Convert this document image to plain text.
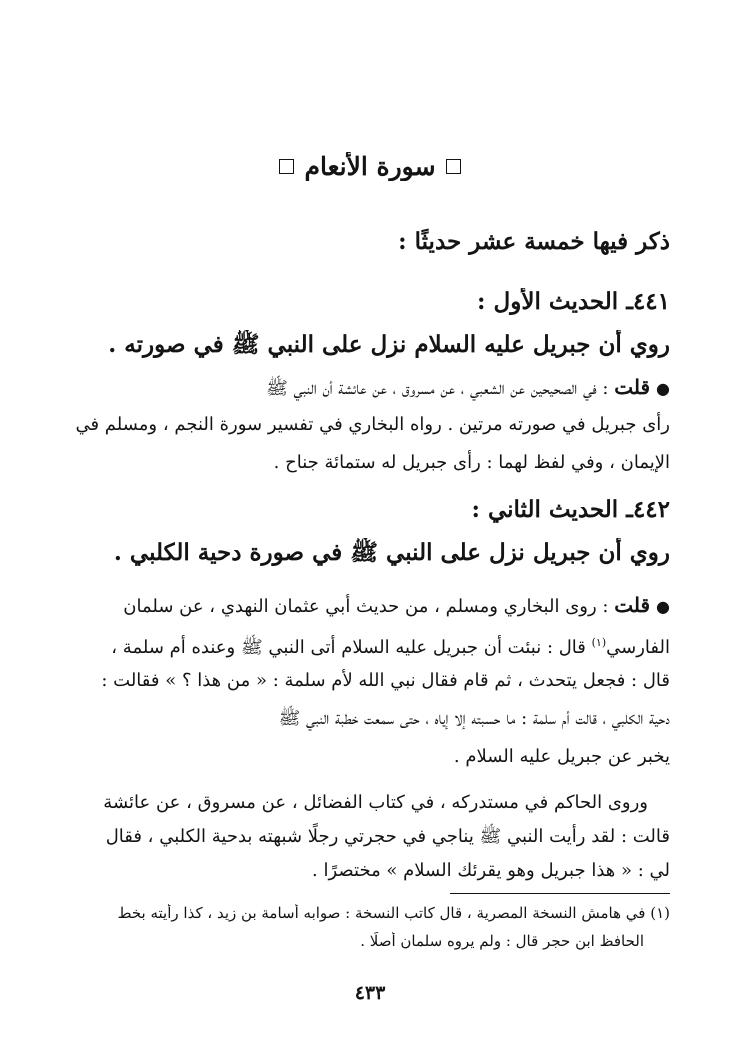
سورة الأنعام
ذكر فيها خمسة عشر حديثًا :
٤٤١ـ الحديث الأول :
روي أن جبريل عليه السلام نزل على النبي ﷺ في صورته .
●قلت : في الصحيحين عن الشعبي ، عن مسروق ، عن عائشة أن النبي ﷺ
رأى جبريل في صورته مرتين . رواه البخاري في تفسير سورة النجم ، ومسلم في
الإيمان ، وفي لفظ لهما : رأى جبريل له ستمائة جناح .
٤٤٢ـ الحديث الثاني :
روي أن جبريل نزل على النبي ﷺ في صورة دحية الكلبي .
●قلت : روى البخاري ومسلم ، من حديث أبي عثمان النهدي ، عن سلمان
الفارسي$^{(١)}$ قال : نبئت أن جبريل عليه السلام أتى النبي ﷺ وعنده أم سلمة ،
قال : فجعل يتحدث ، ثم قام فقال نبي الله لأم سلمة : « من هذا ؟ » فقالت :
دحية الكلبي ، قالت أم سلمة : ما حسبته إلا إياه ، حتى سمعت خطبة النبي ﷺ
يخبر عن جبريل عليه السلام .
وروى الحاكم في مستدركه ، في كتاب الفضائل ، عن مسروق ، عن عائشة
قالت : لقد رأيت النبي ﷺ يناجي في حجرتي رجلًا شبهته بدحية الكلبي ، فقال
لي : « هذا جبريل وهو يقرئك السلام » مختصرًا .
(١) في هامش النسخة المصرية ، قال كاتب النسخة : صوابه أسامة بن زيد ، كذا رأيته بخط
الحافظ ابن حجر قال : ولم يروه سلمان أصلًا .
٤٣٣
